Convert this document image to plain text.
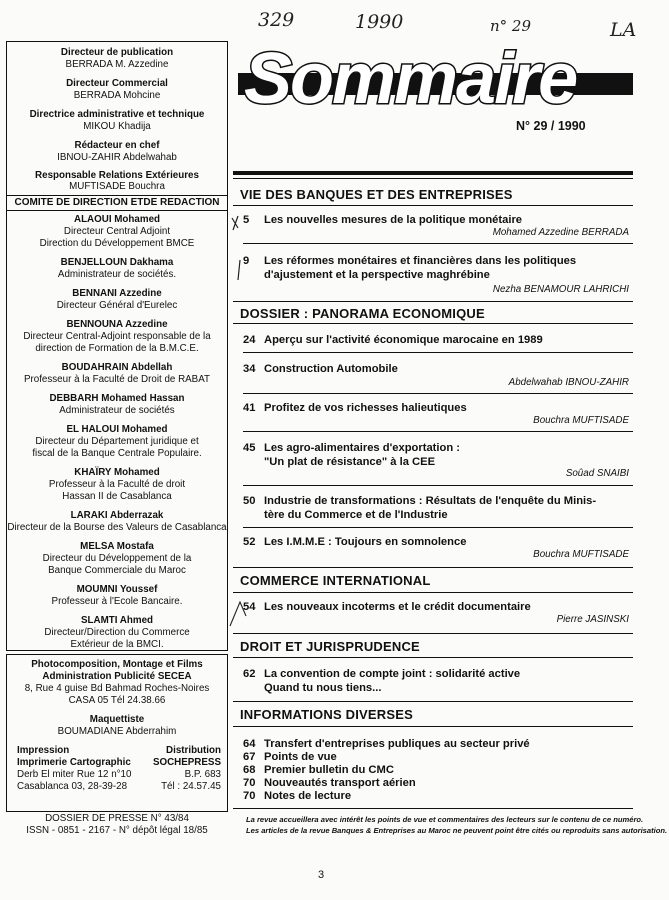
329	1990	n° 29	LA
Directeur de publication
BERRADA M. Azzedine
Directeur Commercial
BERRADA Mohcine
Directrice administrative et technique
MIKOU Khadija
Rédacteur en chef
IBNOU-ZAHIR Abdelwahab
Responsable Relations Extérieures
MUFTISADE Bouchra
COMITE DE DIRECTION ETDE REDACTION
ALAOUI Mohamed
Directeur Central Adjoint
Direction du Développement BMCE
BENJELLOUN Dakhama
Administrateur de sociétés.
BENNANI Azzedine
Directeur Général d'Eurelec
BENNOUNA Azzedine
Directeur Central-Adjoint responsable de la
direction de Formation de la B.M.C.E.
BOUDAHRAIN Abdellah
Professeur à la Faculté de Droit de RABAT
DEBBARH Mohamed Hassan
Administrateur de sociétés
EL HALOUI Mohamed
Directeur du Département juridique et
fiscal de la Banque Centrale Populaire.
KHAÏRY Mohamed
Professeur à la Faculté de droit
Hassan II de Casablanca
LARAKI Abderrazak
Directeur de la Bourse des Valeurs de Casablanca
MELSA Mostafa
Directeur du Développement de la
Banque Commerciale du Maroc
MOUMNI Youssef
Professeur à l'Ecole Bancaire.
SLAMTI Ahmed
Directeur/Direction du Commerce
Extérieur de la BMCI.
Photocomposition, Montage et Films
Administration Publicité SECEA
8, Rue 4 guise Bd Bahmad Roches-Noires
CASA 05 Tél 24.38.66
Maquettiste
BOUMADIANE Abderrahim
Impression	Distribution
Imprimerie Cartographic SOCHEPRESS
Derb El miter Rue 12 n°10	B.P. 683
Casablanca 03, 28-39-28	Tél : 24.57.45
DOSSIER DE PRESSE N° 43/84
ISSN - 0851 - 2167 - N° dépôt légal 18/85
Sommaire
N° 29 / 1990
VIE DES BANQUES ET DES ENTREPRISES
5 Les nouvelles mesures de la politique monétaire
Mohamed Azzedine BERRADA
9 Les réformes monétaires et financières dans les politiques
d'ajustement et la perspective maghrébine
Nezha BENAMOUR LAHRICHI
DOSSIER : PANORAMA ECONOMIQUE
24 Aperçu sur l'activité économique marocaine en 1989
34 Construction Automobile
Abdelwahab IBNOU-ZAHIR
41 Profitez de vos richesses halieutiques
Bouchra MUFTISADE
45 Les agro-alimentaires d'exportation :
"Un plat de résistance" à la CEE
Soûad SNAIBI
50 Industrie de transformations : Résultats de l'enquête du Minis-
tère du Commerce et de l'Industrie
52 Les I.M.M.E : Toujours en somnolence
Bouchra MUFTISADE
COMMERCE INTERNATIONAL
54 Les nouveaux incoterms et le crédit documentaire
Pierre JASINSKI
DROIT ET JURISPRUDENCE
62 La convention de compte joint : solidarité active
Quand tu nous tiens...
INFORMATIONS DIVERSES
64 Transfert d'entreprises publiques au secteur privé
67 Points de vue
68 Premier bulletin du CMC
70 Nouveautés transport aérien
70 Notes de lecture
La revue accueillera avec intérêt les points de vue et commentaires des lecteurs sur le contenu de ce numéro.
Les articles de la revue Banques & Entreprises au Maroc ne peuvent point être cités ou reproduits sans autorisation.
3
